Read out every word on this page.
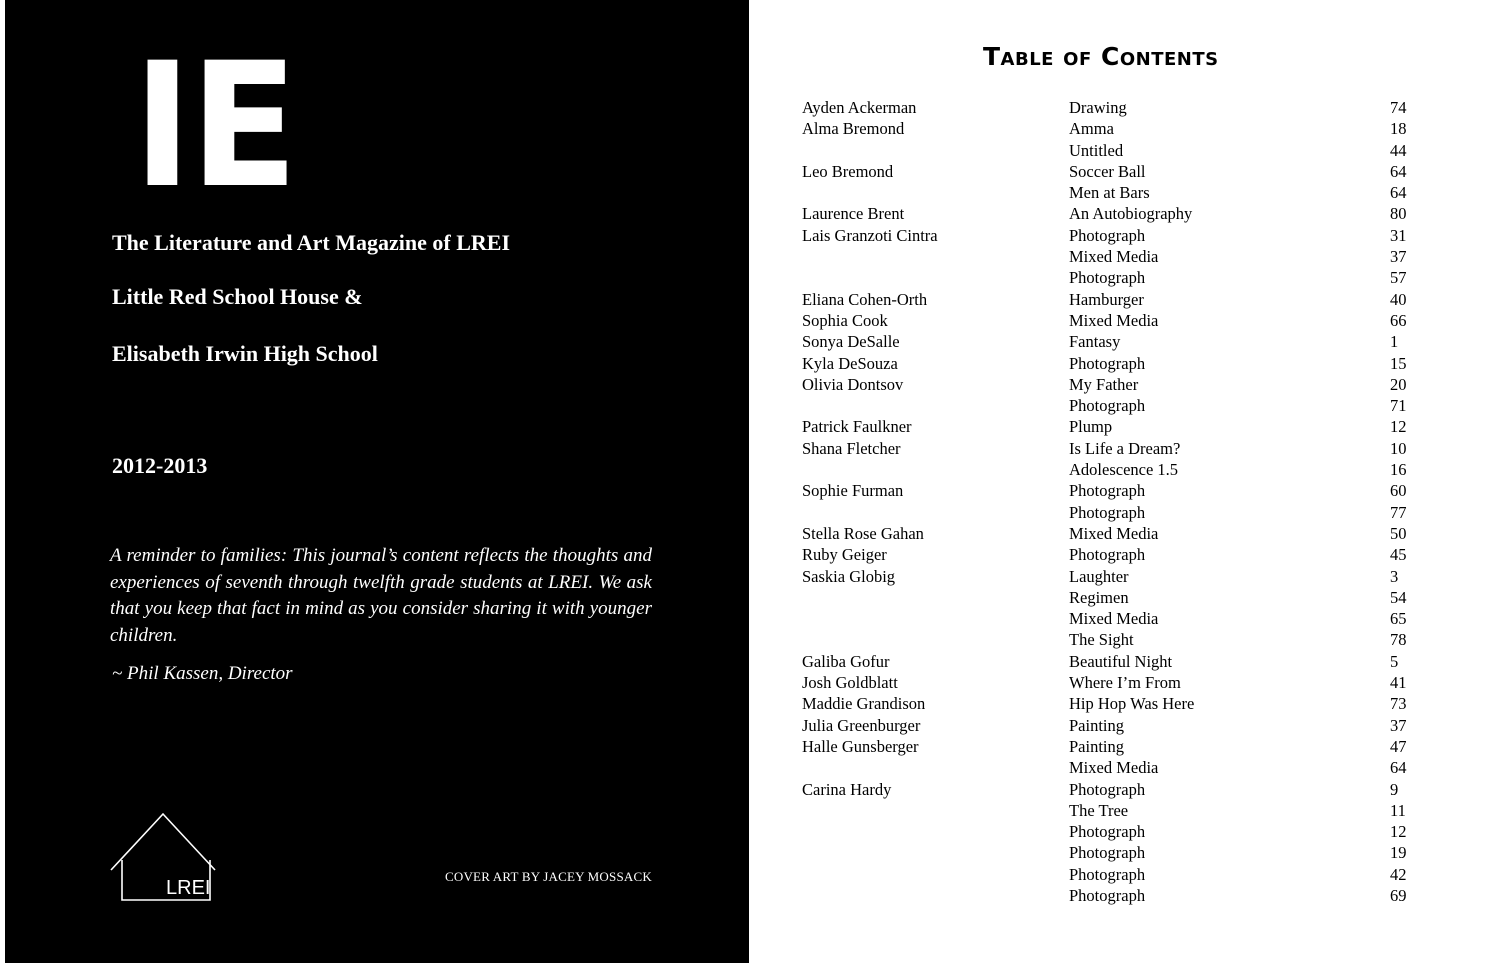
IE
The Literature and Art Magazine of LREI
Little Red School House &
Elisabeth Irwin High School
2012-2013
A reminder to families: This journal’s content reflects the thoughts and experiences of seventh through twelfth grade students at LREI. We ask that you keep that fact in mind as you consider sharing it with younger children.
~ Phil Kassen, Director
LREI
COVER ART BY JACEY MOSSACK
Table of Contents
Ayden Ackerman	Drawing	74
Alma Bremond	Amma	18
Untitled	44
Leo Bremond	Soccer Ball	64
Men at Bars	64
Laurence Brent	An Autobiography	80
Lais Granzoti Cintra	Photograph	31
Mixed Media	37
Photograph	57
Eliana Cohen-Orth	Hamburger	40
Sophia Cook	Mixed Media	66
Sonya DeSalle	Fantasy	1
Kyla DeSouza	Photograph	15
Olivia Dontsov	My Father	20
Photograph	71
Patrick Faulkner	Plump	12
Shana Fletcher	Is Life a Dream?	10
Adolescence 1.5	16
Sophie Furman	Photograph	60
Photograph	77
Stella Rose Gahan	Mixed Media	50
Ruby Geiger	Photograph	45
Saskia Globig	Laughter	3
Regimen	54
Mixed Media	65
The Sight	78
Galiba Gofur	Beautiful Night	5
Josh Goldblatt	Where I’m From	41
Maddie Grandison	Hip Hop Was Here	73
Julia Greenburger	Painting	37
Halle Gunsberger	Painting	47
Mixed Media	64
Carina Hardy	Photograph	9
The Tree	11
Photograph	12
Photograph	19
Photograph	42
Photograph	69
